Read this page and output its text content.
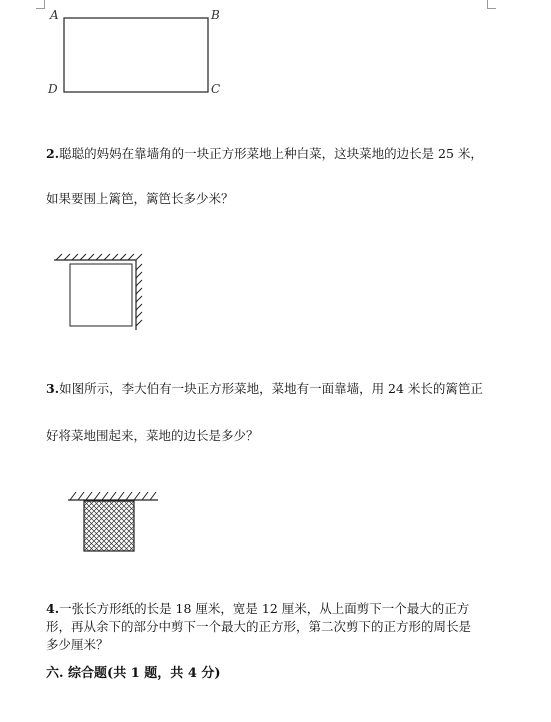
A	B
D	C
2.聪聪的妈妈在靠墙角的一块正方形菜地上种白菜，这块菜地的边长是 25 米，
如果要围上篱笆，篱笆长多少米？
3.如图所示，李大伯有一块正方形菜地，菜地有一面靠墙，用 24 米长的篱笆正
好将菜地围起来，菜地的边长是多少？
4.一张长方形纸的长是 18 厘米，宽是 12 厘米，从上面剪下一个最大的正方
形，再从余下的部分中剪下一个最大的正方形，第二次剪下的正方形的周长是
多少厘米？
六. 综合题(共 1 题，共 4 分)
